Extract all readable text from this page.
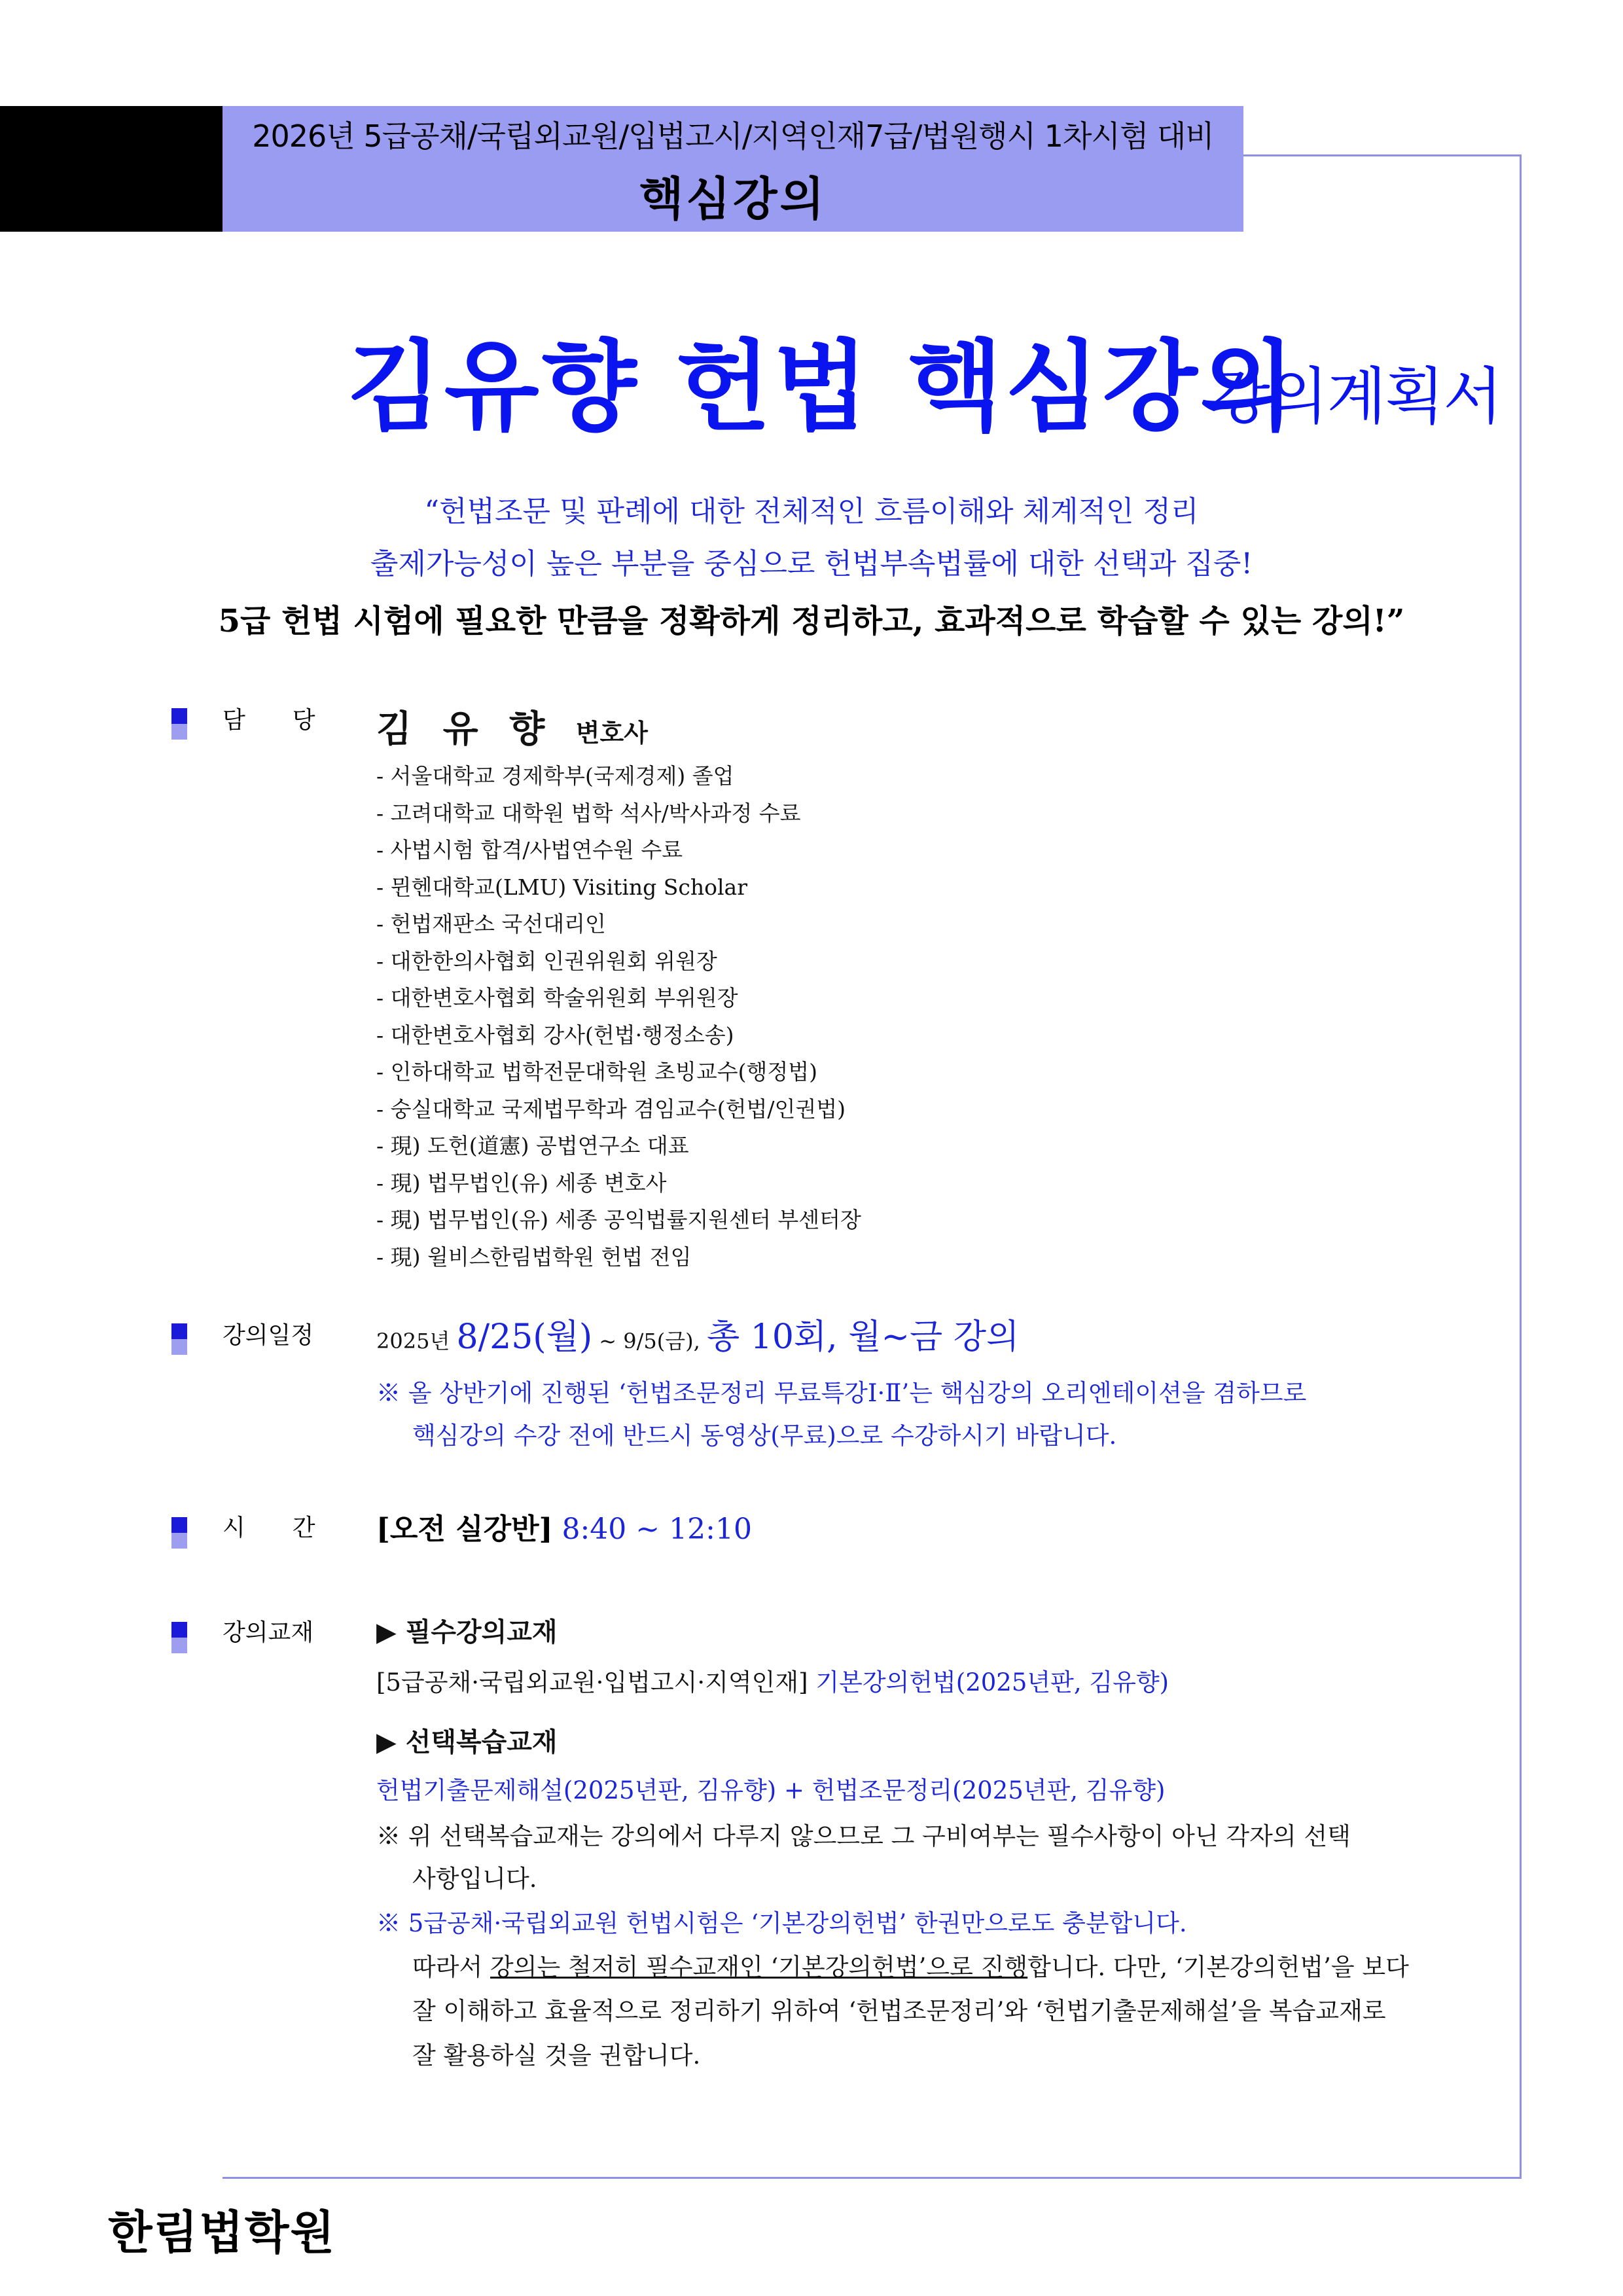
2026년 5급공채/국립외교원/입법고시/지역인재7급/법원행시 1차시험 대비
핵심강의
김유향 헌법 핵심강의
강의계획서
“헌법조문 및 판례에 대한 전체적인 흐름이해와 체계적인 정리
출제가능성이 높은 부분을 중심으로 헌법부속법률에 대한 선택과 집중!
5급 헌법 시험에 필요한 만큼을 정확하게 정리하고, 효과적으로 학습할 수 있는 강의!”
담　　당 김 유 향 변호사
- 서울대학교 경제학부(국제경제) 졸업
- 고려대학교 대학원 법학 석사/박사과정 수료
- 사법시험 합격/사법연수원 수료
- 뮌헨대학교(LMU) Visiting Scholar
- 헌법재판소 국선대리인
- 대한한의사협회 인권위원회 위원장
- 대한변호사협회 학술위원회 부위원장
- 대한변호사협회 강사(헌법·행정소송)
- 인하대학교 법학전문대학원 초빙교수(행정법)
- 숭실대학교 국제법무학과 겸임교수(헌법/인권법)
- 現) 도헌(道憲) 공법연구소 대표
- 現) 법무법인(유) 세종 변호사
- 現) 법무법인(유) 세종 공익법률지원센터 부센터장
- 現) 윌비스한림법학원 헌법 전임
강의일정	2025년 8/25(월) ~ 9/5(금), 총 10회, 월~금 강의
※ 올 상반기에 진행된 ‘헌법조문정리 무료특강Ⅰ·Ⅱ’는 핵심강의 오리엔테이션을 겸하므로
핵심강의 수강 전에 반드시 동영상(무료)으로 수강하시기 바랍니다.
시　　간 [오전 실강반] 8:40 ~ 12:10
강의교재 ▶ 필수강의교재
[5급공채·국립외교원·입법고시·지역인재] 기본강의헌법(2025년판, 김유향)
▶ 선택복습교재
헌법기출문제해설(2025년판, 김유향) + 헌법조문정리(2025년판, 김유향)
※ 위 선택복습교재는 강의에서 다루지 않으므로 그 구비여부는 필수사항이 아닌 각자의 선택
사항입니다.
※ 5급공채·국립외교원 헌법시험은 ‘기본강의헌법’ 한권만으로도 충분합니다.
따라서 강의는 철저히 필수교재인 ‘기본강의헌법’으로 진행합니다. 다만, ‘기본강의헌법’을 보다
잘 이해하고 효율적으로 정리하기 위하여 ‘헌법조문정리’와 ‘헌법기출문제해설’을 복습교재로
잘 활용하실 것을 권합니다.
한림법학원
